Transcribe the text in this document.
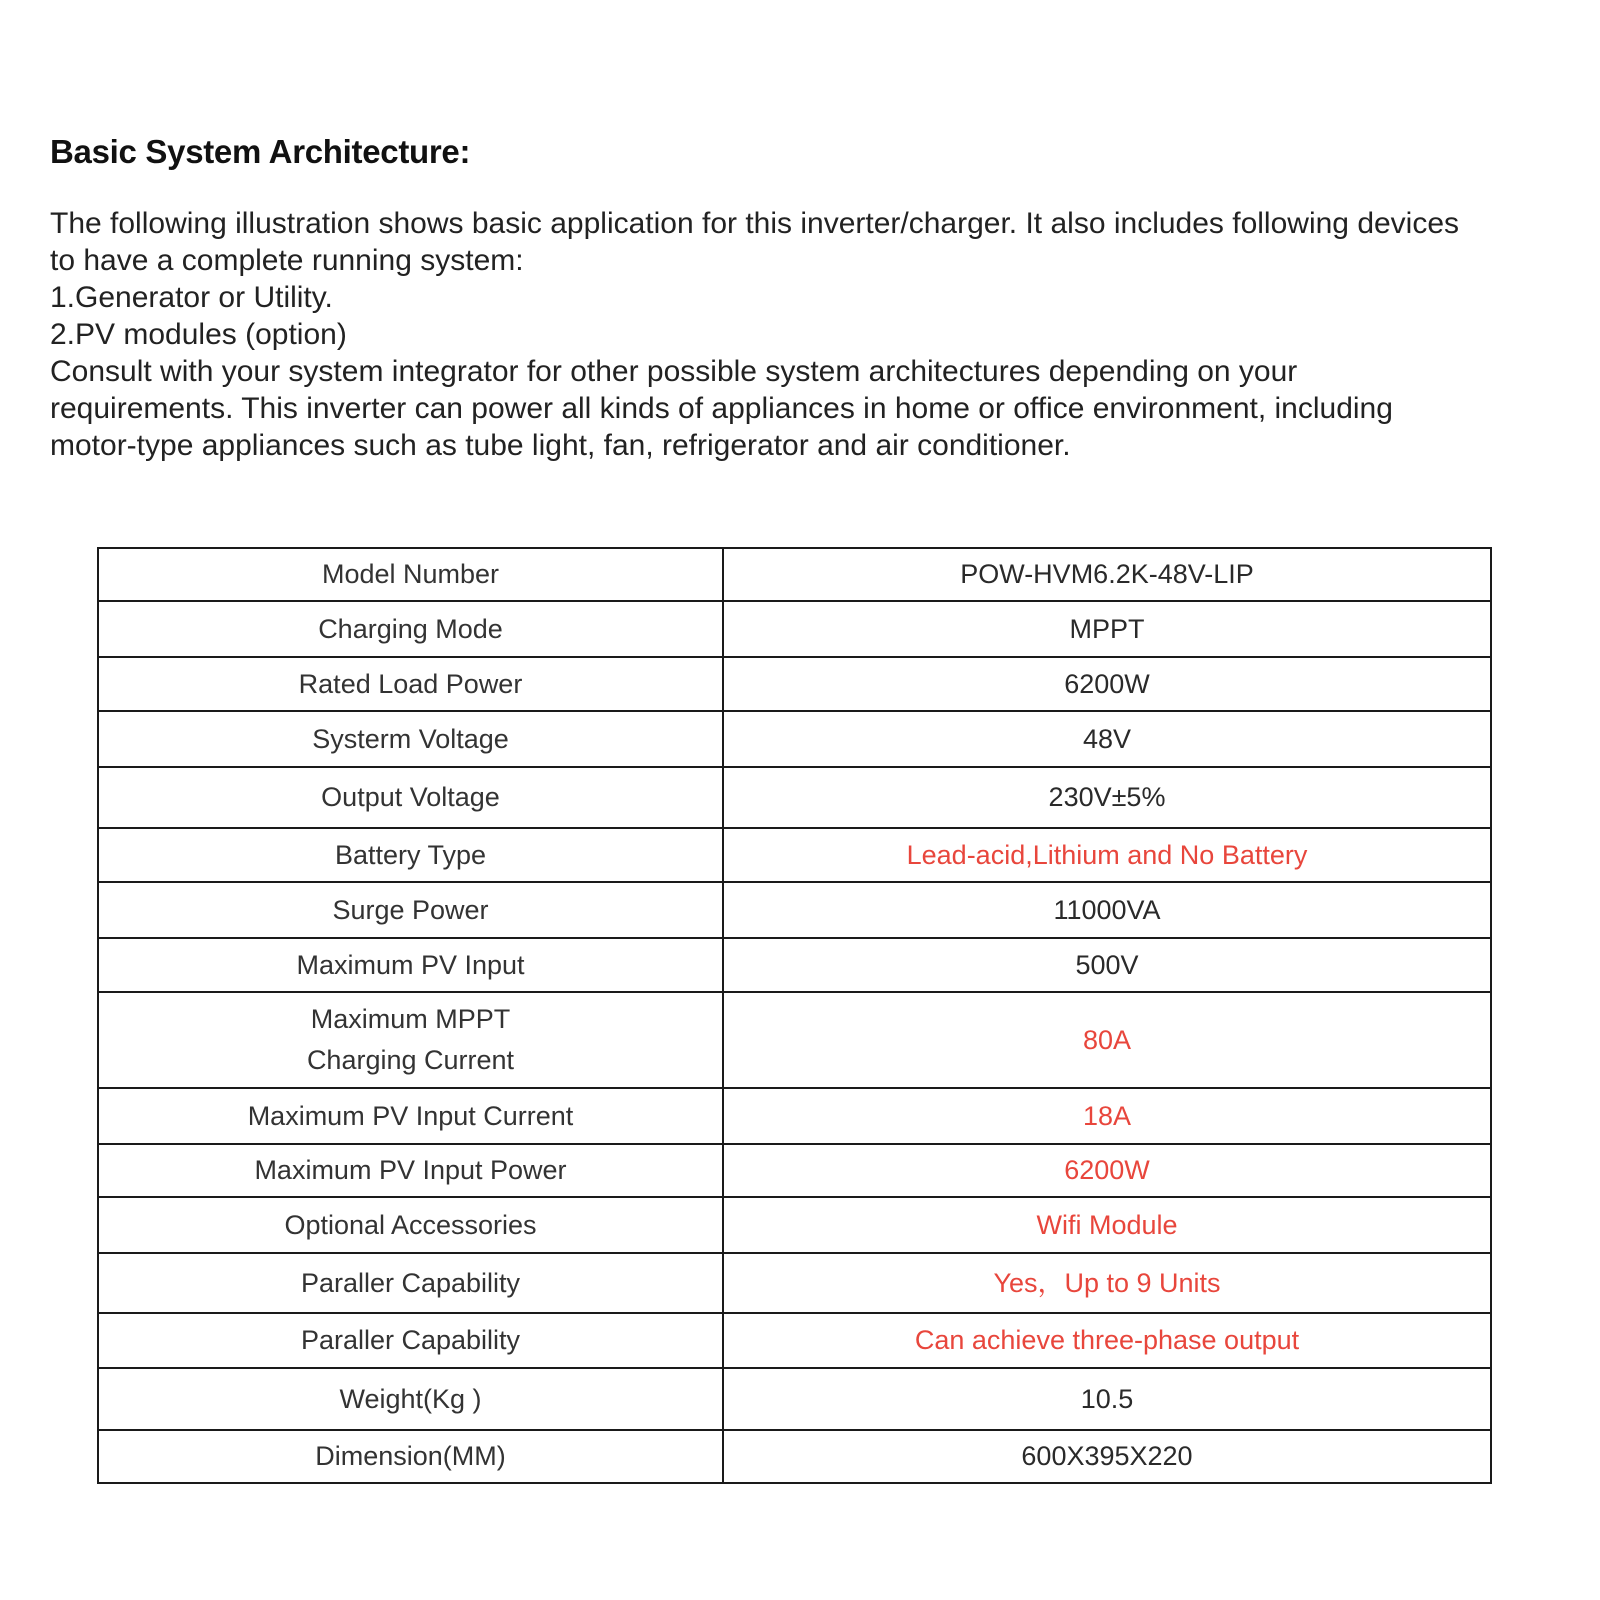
Basic System Architecture:
The following illustration shows basic application for this inverter/charger. It also includes following devices
to have a complete running system:
1.Generator or Utility.
2.PV modules (option)
Consult with your system integrator for other possible system architectures depending on your
requirements. This inverter can power all kinds of appliances in home or office environment, including
motor-type appliances such as tube light, fan, refrigerator and air conditioner.
Model Number	POW-HVM6.2K-48V-LIP
Charging Mode	MPPT
Rated Load Power	6200W
Systerm Voltage	48V
Output Voltage	230V±5%
Battery Type	Lead-acid,Lithium and No Battery
Surge Power	11000VA
Maximum PV Input	500V

Maximum MPPT
Charging Current	80A
Maximum PV Input Current	18A
Maximum PV Input Power	6200W
Optional Accessories	Wifi Module
Paraller Capability	Yes，Up to 9 Units
Paraller Capability	Can achieve three-phase output
Weight(Kg )	10.5
Dimension(MM)	600X395X220
